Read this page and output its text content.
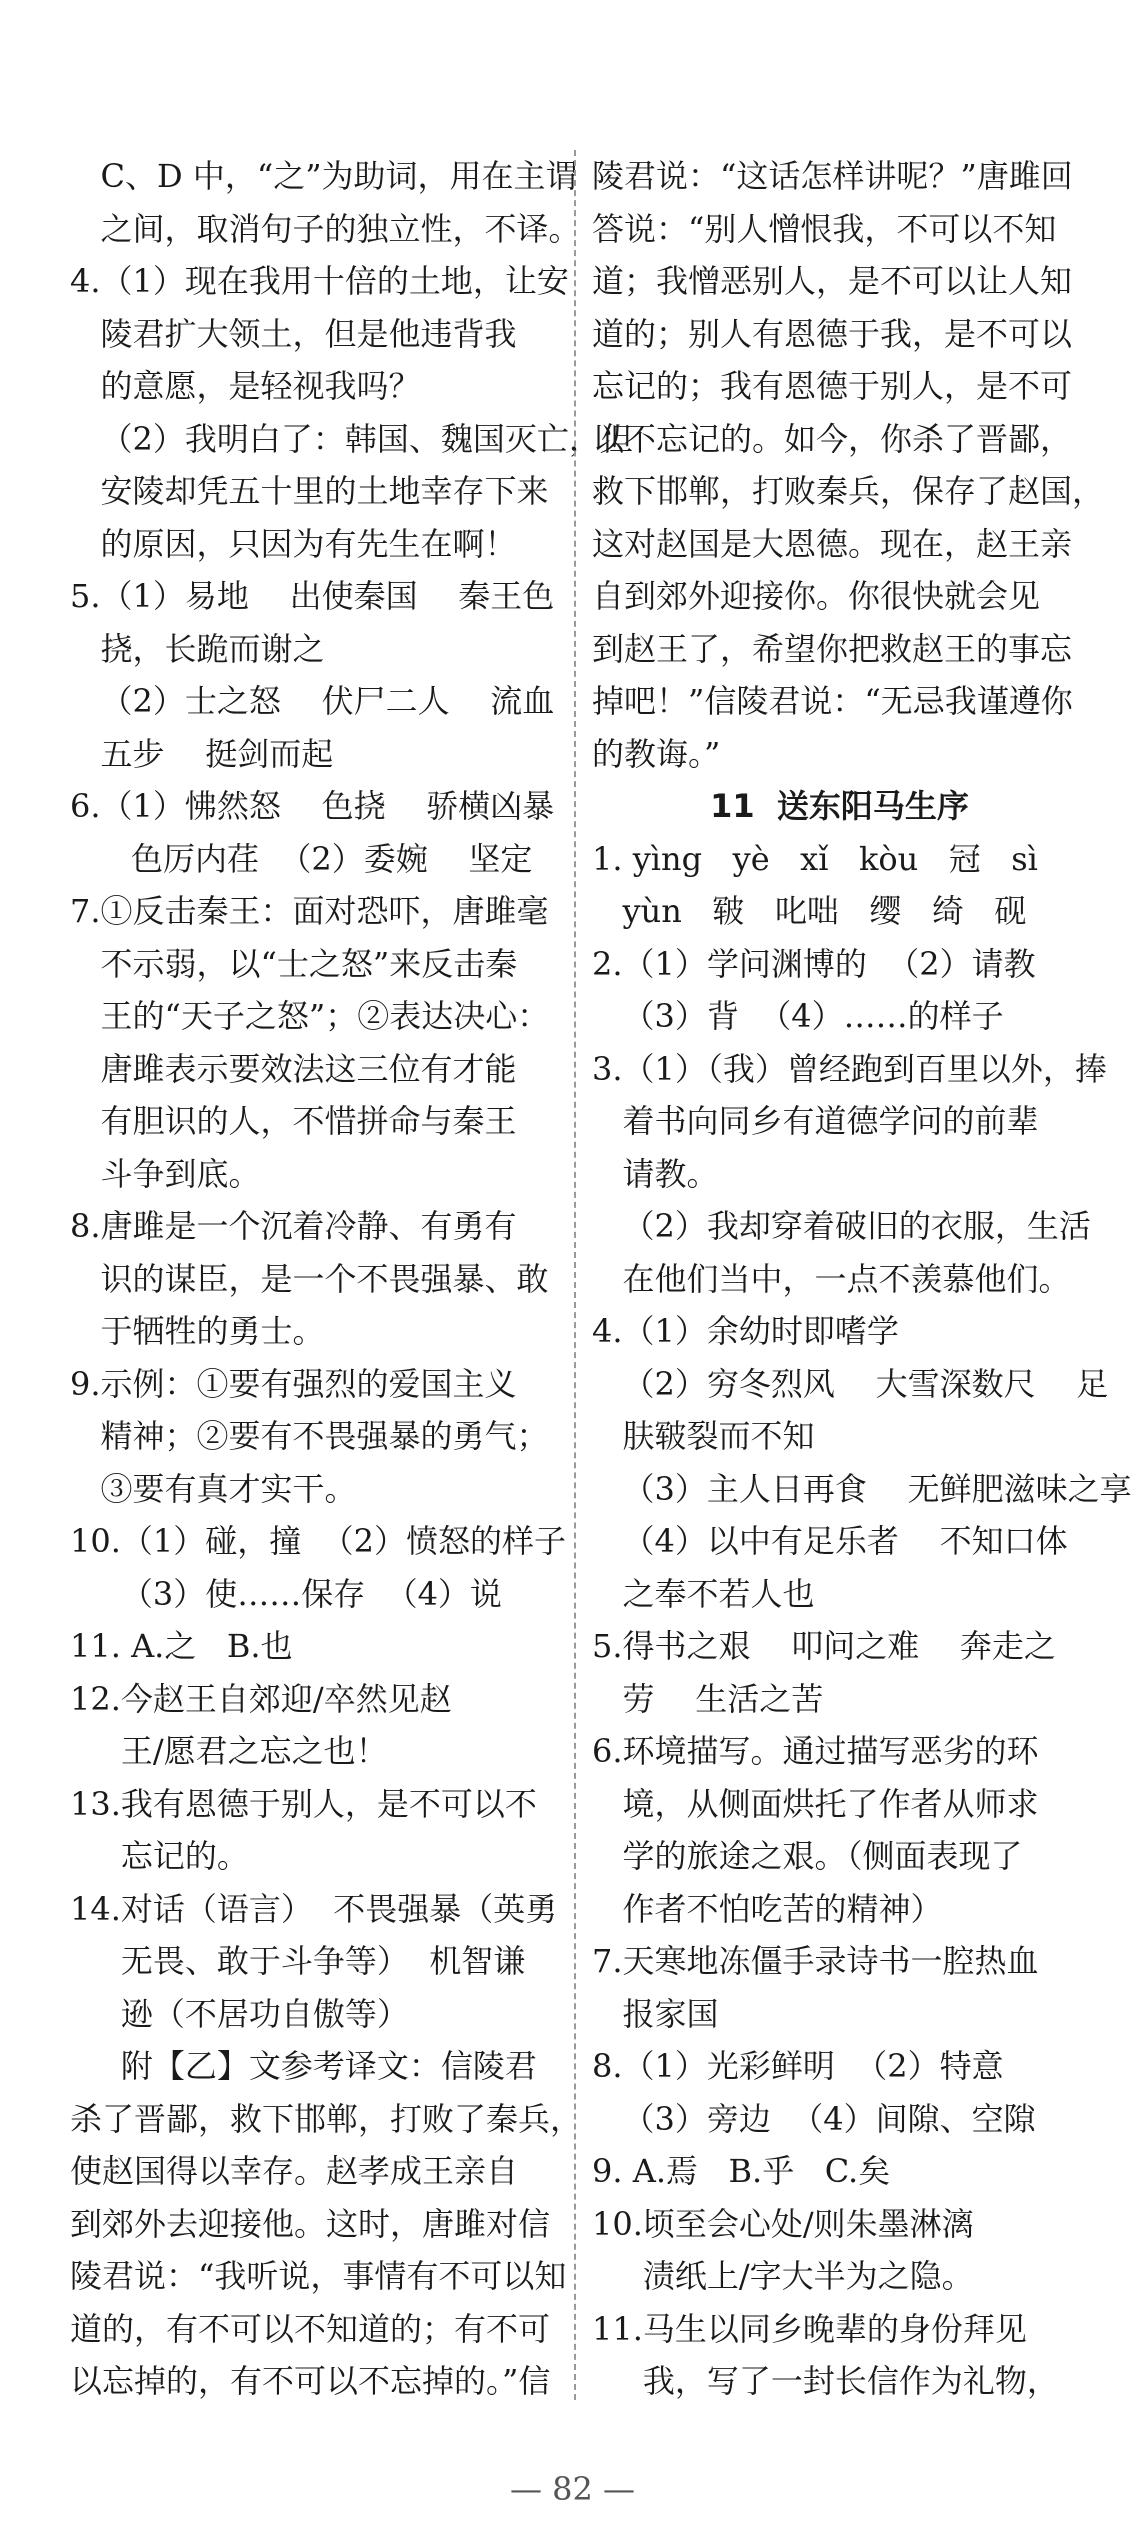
C、D 中，“之”为助词，用在主谓
之间，取消句子的独立性，不译。
4.（1）现在我用十倍的土地，让安
陵君扩大领土，但是他违背我
的意愿，是轻视我吗？
（2）我明白了：韩国、魏国灭亡，但
安陵却凭五十里的土地幸存下来
的原因，只因为有先生在啊！
5.（1）易地    出使秦国    秦王色
挠，长跪而谢之
（2）士之怒    伏尸二人    流血
五步    挺剑而起
6.（1）怫然怒    色挠    骄横凶暴
色厉内荏  （2）委婉    坚定
7.①反击秦王：面对恐吓，唐雎毫
不示弱，以“士之怒”来反击秦
王的“天子之怒”；②表达决心：
唐雎表示要效法这三位有才能
有胆识的人，不惜拼命与秦王
斗争到底。
8.唐雎是一个沉着冷静、有勇有
识的谋臣，是一个不畏强暴、敢
于牺牲的勇士。
9.示例：①要有强烈的爱国主义
精神；②要有不畏强暴的勇气；
③要有真才实干。
10.（1）碰，撞  （2）愤怒的样子
（3）使……保存  （4）说
11. A.之   B.也
12.今赵王自郊迎/卒然见赵
王/愿君之忘之也！
13.我有恩德于别人，是不可以不
忘记的。
14.对话（语言）  不畏强暴（英勇
无畏、敢于斗争等）  机智谦
逊（不居功自傲等）
附【乙】文参考译文：信陵君
杀了晋鄙，救下邯郸，打败了秦兵，
使赵国得以幸存。赵孝成王亲自
到郊外去迎接他。这时，唐雎对信
陵君说：“我听说，事情有不可以知
道的，有不可以不知道的；有不可
以忘掉的，有不可以不忘掉的。”信
陵君说：“这话怎样讲呢？”唐雎回
答说：“别人憎恨我，不可以不知
道；我憎恶别人，是不可以让人知
道的；别人有恩德于我，是不可以
忘记的；我有恩德于别人，是不可
以不忘记的。如今，你杀了晋鄙，
救下邯郸，打败秦兵，保存了赵国，
这对赵国是大恩德。现在，赵王亲
自到郊外迎接你。你很快就会见
到赵王了，希望你把救赵王的事忘
掉吧！”信陵君说：“无忌我谨遵你
的教诲。”
11  送东阳马生序
1. yìng   yè   xǐ   kòu   冠   sì
yùn   皲   叱咄   缨   绮   砚
2.（1）学问渊博的  （2）请教
（3）背  （4）……的样子
3.（1）（我）曾经跑到百里以外，捧
着书向同乡有道德学问的前辈
请教。
（2）我却穿着破旧的衣服，生活
在他们当中，一点不羡慕他们。
4.（1）余幼时即嗜学
（2）穷冬烈风    大雪深数尺    足
肤皲裂而不知
（3）主人日再食    无鲜肥滋味之享
（4）以中有足乐者    不知口体
之奉不若人也
5.得书之艰    叩问之难    奔走之
劳    生活之苦
6.环境描写。通过描写恶劣的环
境，从侧面烘托了作者从师求
学的旅途之艰。（侧面表现了
作者不怕吃苦的精神）
7.天寒地冻僵手录诗书一腔热血
报家国
8.（1）光彩鲜明  （2）特意
（3）旁边  （4）间隙、空隙
9. A.焉   B.乎   C.矣
10.顷至会心处/则朱墨淋漓
渍纸上/字大半为之隐。
11.马生以同乡晚辈的身份拜见
我，写了一封长信作为礼物，
— 82 —
